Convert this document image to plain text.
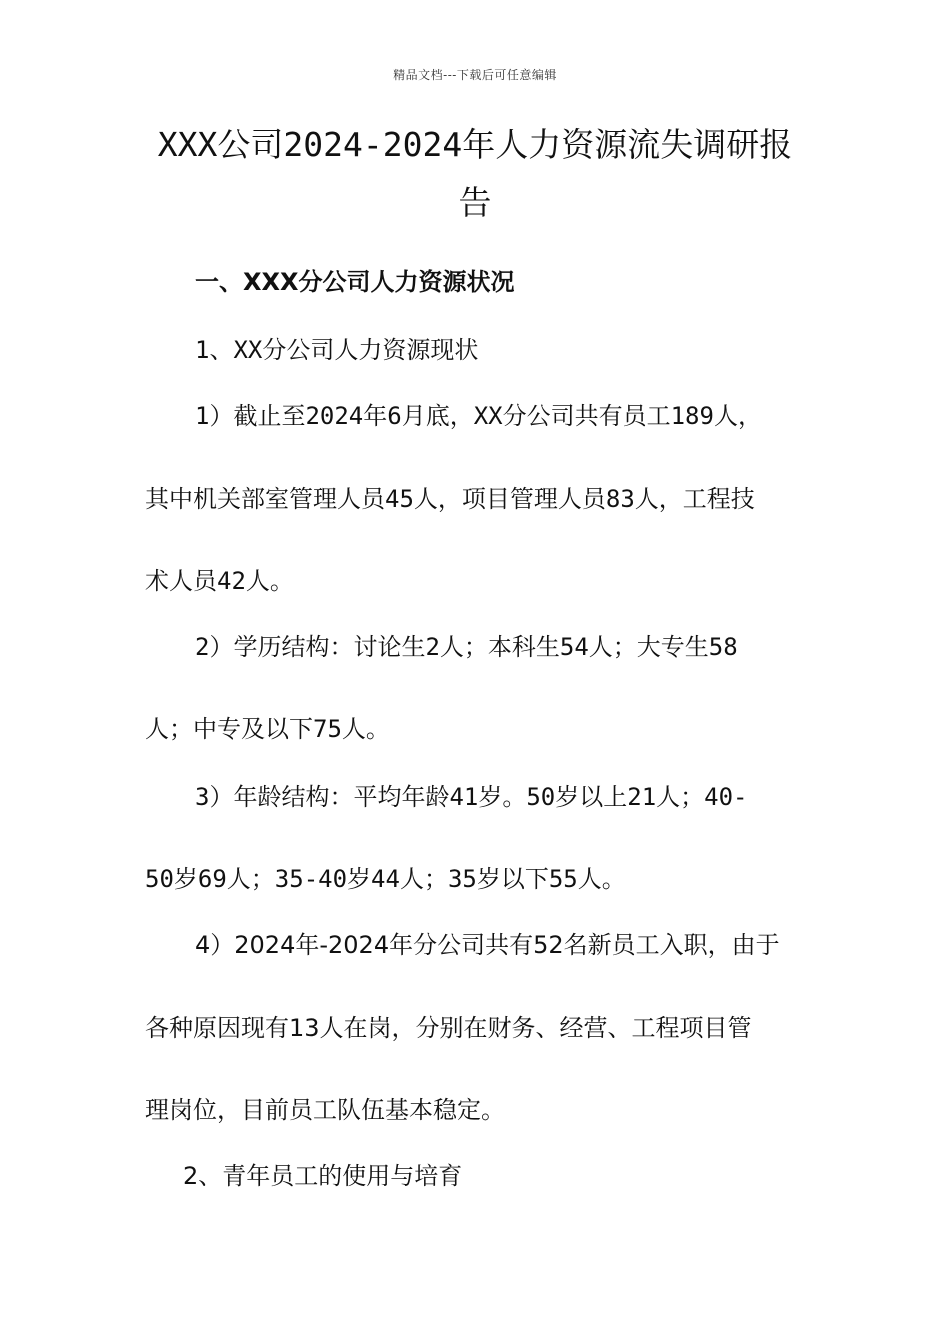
精品文档---下载后可任意编辑
XXX公司2024-2024年人力资源流失调研报
告
一、XXX分公司人力资源状况
1、XX分公司人力资源现状
1）截止至2024年6月底，XX分公司共有员工189人，
其中机关部室管理人员45人，项目管理人员83人，工程技
术人员42人。
2）学历结构：讨论生2人；本科生54人；大专生58
人；中专及以下75人。
3）年龄结构：平均年龄41岁。50岁以上21人；40-
50岁69人；35-40岁44人；35岁以下55人。
4）2024年-2024年分公司共有52名新员工入职，由于
各种原因现有13人在岗，分别在财务、经营、工程项目管
理岗位，目前员工队伍基本稳定。
2、青年员工的使用与培育
